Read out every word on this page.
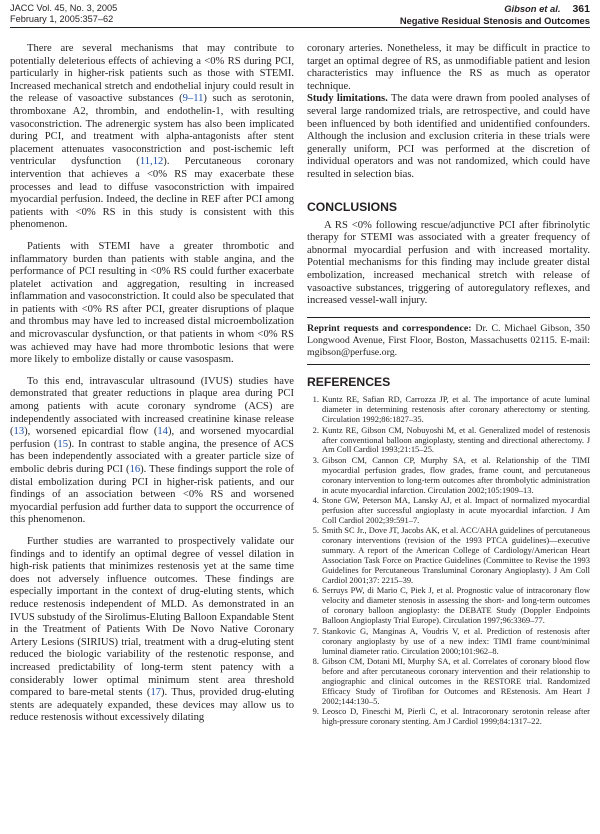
JACC Vol. 45, No. 3, 2005
February 1, 2005:357–62
Gibson et al. 361
Negative Residual Stenosis and Outcomes

There are several mechanisms that may contribute to potentially deleterious effects of achieving a <0% RS during PCI, particularly in higher-risk patients such as those with STEMI. Increased mechanical stretch and endothelial injury could result in the release of vasoactive substances (9–11) such as serotonin, thromboxane A2, thrombin, and endothelin-1, with resulting vasoconstriction. The adrenergic system has also been implicated during PCI, and treatment with alpha-antagonists after stent placement attenuates vasoconstriction and post-ischemic left ventricular dysfunction (11,12). Percutaneous coronary intervention that achieves a <0% RS may exacerbate these processes and lead to diffuse vasoconstriction with impaired myocardial perfusion. Indeed, the decline in REF after PCI among patients with <0% RS in this study is consistent with this phenomenon.

Patients with STEMI have a greater thrombotic and inflammatory burden than patients with stable angina, and the performance of PCI resulting in <0% RS could further exacerbate platelet activation and aggregation, resulting in increased inflammation and vasoconstriction. It could also be speculated that in patients with <0% RS after PCI, greater disruptions of plaque and thrombus may have led to increased distal microembolization and microvascular dysfunction, or that patients in whom <0% RS was achieved may have had more thrombotic lesions that were more likely to embolize distally or cause vasospasm.

To this end, intravascular ultrasound (IVUS) studies have demonstrated that greater reductions in plaque area during PCI among patients with acute coronary syndrome (ACS) are independently associated with increased creatinine kinase release (13), worsened epicardial flow (14), and worsened myocardial perfusion (15). In contrast to stable angina, the presence of ACS has been independently associated with a greater particle size of embolic debris during PCI (16). These findings support the role of distal embolization during PCI in higher-risk patients, and our findings of an association between <0% RS and worsened myocardial perfusion add further data to support the occurrence of this phenomenon.

Further studies are warranted to prospectively validate our findings and to identify an optimal degree of vessel dilation in high-risk patients that minimizes restenosis yet at the same time does not adversely influence outcomes. These findings are especially important in the context of drug-eluting stents, which reduce restenosis independent of MLD. As demonstrated in an IVUS substudy of the Sirolimus-Eluting Balloon Expandable Stent in the Treatment of Patients With De Novo Native Coronary Artery Lesions (SIRIUS) trial, treatment with a drug-eluting stent reduced the biologic variability of the restenotic response, and increased predictability of long-term stent patency with a considerably lower optimal minimum stent area threshold compared to bare-metal stents (17). Thus, provided drug-eluting stents are adequately expanded, these devices may allow us to reduce restenosis without excessively dilating

coronary arteries. Nonetheless, it may be difficult in practice to target an optimal degree of RS, as unmodifiable patient and lesion characteristics may influence the RS as much as operator technique.

Study limitations. The data were drawn from pooled analyses of several large randomized trials, are retrospective, and could have been influenced by both identified and unidentified confounders. Although the inclusion and exclusion criteria in these trials were generally uniform, PCI was performed at the discretion of individual operators and was not randomized, which could have resulted in selection bias.

CONCLUSIONS

A RS <0% following rescue/adjunctive PCI after fibrinolytic therapy for STEMI was associated with a greater frequency of abnormal myocardial perfusion and with increased mortality. Potential mechanisms for this finding may include greater distal embolization, increased mechanical stretch with release of vasoactive substances, triggering of autoregulatory reflexes, and increased vessel-wall injury.

Reprint requests and correspondence: Dr. C. Michael Gibson, 350 Longwood Avenue, First Floor, Boston, Massachusetts 02115. E-mail: mgibson@perfuse.org.

REFERENCES
1. Kuntz RE, Safian RD, Carrozza JP, et al. The importance of acute luminal diameter in determining restenosis after coronary atherectomy or stenting. Circulation 1992;86:1827–35.
2. Kuntz RE, Gibson CM, Nobuyoshi M, et al. Generalized model of restenosis after conventional balloon angioplasty, stenting and directional atherectomy. J Am Coll Cardiol 1993;21:15–25.
3. Gibson CM, Cannon CP, Murphy SA, et al. Relationship of the TIMI myocardial perfusion grades, flow grades, frame count, and percutaneous coronary intervention to long-term outcomes after thrombolytic administration in acute myocardial infarction. Circulation 2002;105:1909–13.
4. Stone GW, Peterson MA, Lansky AJ, et al. Impact of normalized myocardial perfusion after successful angioplasty in acute myocardial infarction. J Am Coll Cardiol 2002;39:591–7.
5. Smith SC Jr., Dove JT, Jacobs AK, et al. ACC/AHA guidelines of percutaneous coronary interventions (revision of the 1993 PTCA guidelines)—executive summary. A report of the American College of Cardiology/American Heart Association Task Force on Practice Guidelines (Committee to Revise the 1993 Guidelines for Percutaneous Transluminal Coronary Angioplasty). J Am Coll Cardiol 2001;37: 2215–39.
6. Serruys PW, di Mario C, Piek J, et al. Prognostic value of intracoronary flow velocity and diameter stenosis in assessing the short- and long-term outcomes of coronary balloon angioplasty: the DEBATE Study (Doppler Endpoints Balloon Angioplasty Trial Europe). Circulation 1997;96:3369–77.
7. Stankovic G, Manginas A, Voudris V, et al. Prediction of restenosis after coronary angioplasty by use of a new index: TIMI frame count/minimal luminal diameter ratio. Circulation 2000;101:962–8.
8. Gibson CM, Dotani MI, Murphy SA, et al. Correlates of coronary blood flow before and after percutaneous coronary intervention and their relationship to angiographic and clinical outcomes in the RESTORE trial. Randomized Efficacy Study of Tirofiban for Outcomes and REstenosis. Am Heart J 2002;144:130–5.
9. Leosco D, Fineschi M, Pierli C, et al. Intracoronary serotonin release after high-pressure coronary stenting. Am J Cardiol 1999;84:1317–22.
